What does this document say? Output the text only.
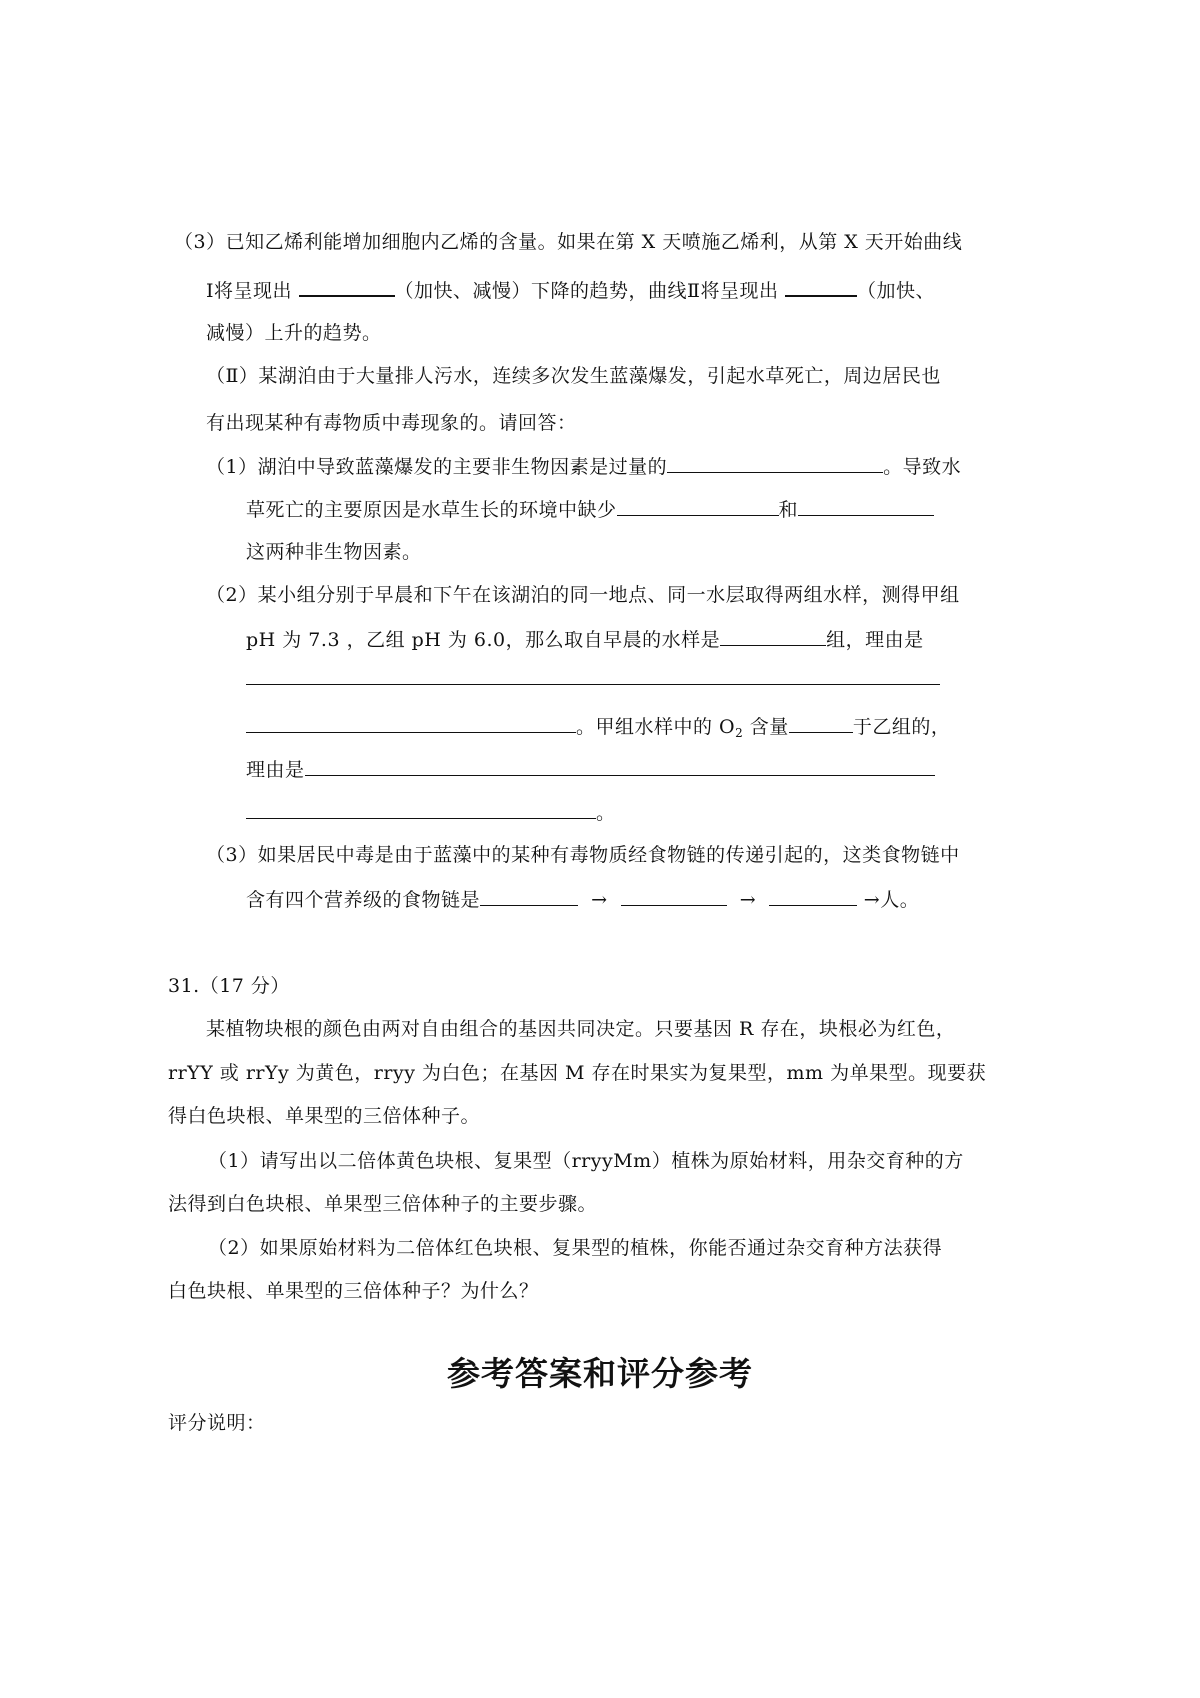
（3）已知乙烯利能增加细胞内乙烯的含量。如果在第 X 天喷施乙烯利，从第 X 天开始曲线
Ⅰ将呈现出	（加快、减慢）下降的趋势，曲线Ⅱ将呈现出	（加快、
减慢）上升的趋势。
（Ⅱ）某湖泊由于大量排人污水，连续多次发生蓝藻爆发，引起水草死亡，周边居民也
有出现某种有毒物质中毒现象的。请回答：
（1）湖泊中导致蓝藻爆发的主要非生物因素是过量的	。导致水
草死亡的主要原因是水草生长的环境中缺少	和
这两种非生物因素。
（2）某小组分别于早晨和下午在该湖泊的同一地点、同一水层取得两组水样，测得甲组
pH 为 7.3 ，乙组 pH 为 6.0，那么取自早晨的水样是	组，理由是
。甲组水样中的 $O_2$ 含量	于乙组的，
理由是
。
（3）如果居民中毒是由于蓝藻中的某种有毒物质经食物链的传递引起的，这类食物链中
含有四个营养级的食物链是	→	→	→人。
31.（17 分）
某植物块根的颜色由两对自由组合的基因共同决定。只要基因 R 存在，块根必为红色，
rrYY 或 rrYy 为黄色，rryy 为白色；在基因 M 存在时果实为复果型，mm 为单果型。现要获
得白色块根、单果型的三倍体种子。
（1）请写出以二倍体黄色块根、复果型（rryyMm）植株为原始材料，用杂交育种的方
法得到白色块根、单果型三倍体种子的主要步骤。
（2）如果原始材料为二倍体红色块根、复果型的植株，你能否通过杂交育种方法获得
白色块根、单果型的三倍体种子？为什么？
参考答案和评分参考
评分说明：
